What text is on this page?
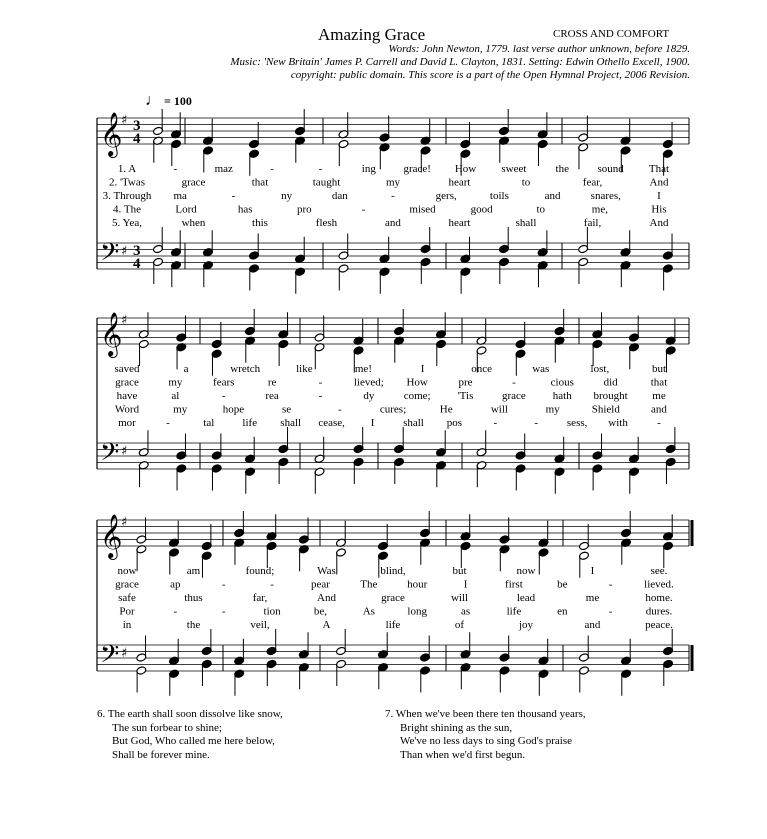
Amazing Grace	CROSS AND COMFORT
Words: John Newton, 1779. last verse author unknown, before 1829.
Music: 'New Britain' James P. Carrell and David L. Clayton, 1831. Setting: Edwin Othello Excell, 1900.
copyright: public domain. This score is a part of the Open Hymnal Project, 2006 Revision.
♩ = 100
𝄞
𝄢
♯
♯
3
3
4
4
1. A	-	maz	-	-	ing	grace! How sweet	the	sound That
2. 'Twas	grace	that	taught	my	heart	to	fear,	And
3. Through ma	-	ny	dan	-	gers,	toils	and	snares,	I
4. The	Lord	has	pro	-	mised	good	to	me,	His
5. Yea,	when	this	flesh	and	heart	shall	fail,	And
𝄞
𝄢
♯
♯
saved	a	wretch	like	me!	I	once	was	lost,	but
grace	my	fears	re	-	lieved; How	pre	-	cious	did	that
have	al	-	rea	-	dy	come; 'Tis	grace hath brought me
Word	my	hope	se	-	cures;	He	will	my	Shield	and
mor	-	tal	life shall cease, I	shall pos	-	-	sess, with	-
𝄞
𝄢
♯
♯
now	am	found;	Was	blind,	but	now	I	see.
grace	ap	-	-	pear	The	hour	I	first	be	-	lieved.
safe	thus	far,	And	grace	will	lead	me	home.
Por	-	-	tion	be,	As	long	as	life	en	-	dures.
in	the	veil,	A	life	of	joy	and	peace.
6. The earth shall soon dissolve like snow,
The sun forbear to shine;
But God, Who called me here below,
Shall be forever mine.
7. When we've been there ten thousand years,
Bright shining as the sun,
We've no less days to sing God's praise
Than when we'd first begun.
